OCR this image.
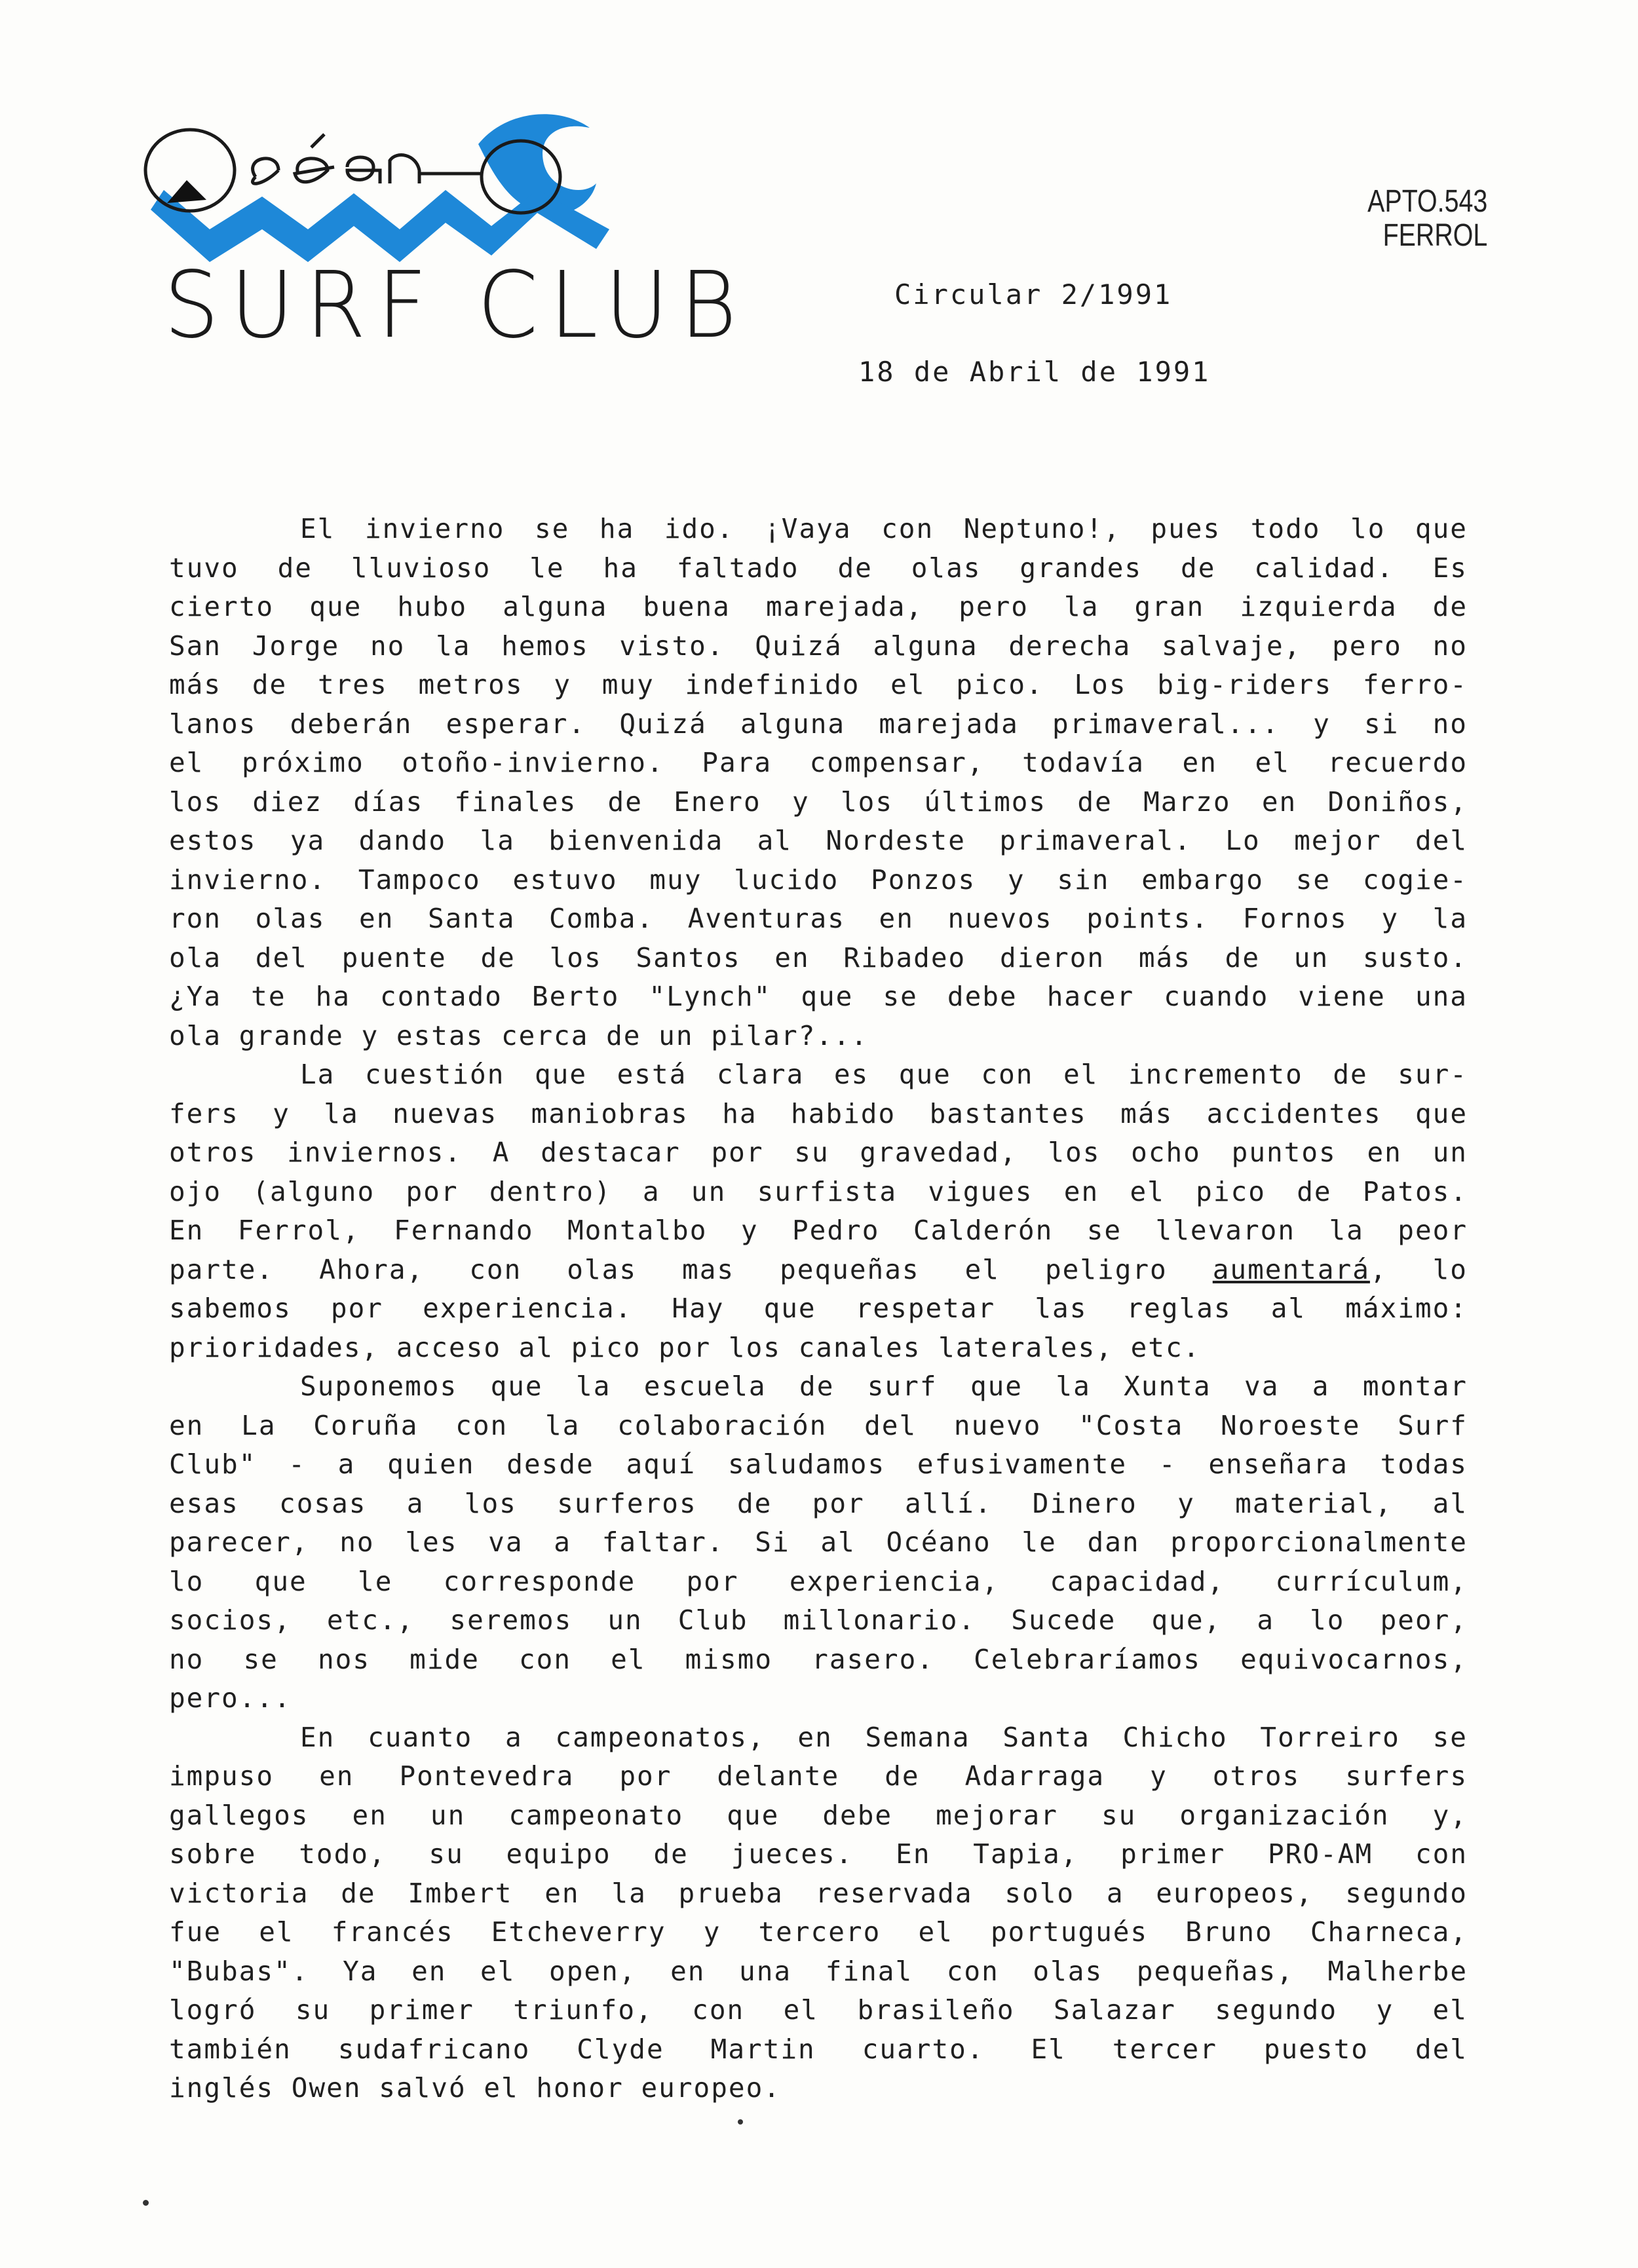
SURF CLUB
APTO.543
FERROL
Circular 2/1991
18 de Abril de 1991
El invierno se ha ido. ¡Vaya con Neptuno!, pues todo lo que
tuvo de lluvioso le ha faltado de olas grandes de calidad. Es
cierto que hubo alguna buena marejada, pero la gran izquierda de
San Jorge no la hemos visto. Quizá alguna derecha salvaje, pero no
más de tres metros y muy indefinido el pico. Los big-riders ferro-
lanos deberán esperar. Quizá alguna marejada primaveral... y si no
el próximo otoño-invierno. Para compensar, todavía en el recuerdo
los diez días finales de Enero y los últimos de Marzo en Doniños,
estos ya dando la bienvenida al Nordeste primaveral. Lo mejor del
invierno. Tampoco estuvo muy lucido Ponzos y sin embargo se cogie-
ron olas en Santa Comba. Aventuras en nuevos points. Fornos y la
ola del puente de los Santos en Ribadeo dieron más de un susto.
¿Ya te ha contado Berto "Lynch" que se debe hacer cuando viene una
ola grande y estas cerca de un pilar?...
La cuestión que está clara es que con el incremento de sur-
fers y la nuevas maniobras ha habido bastantes más accidentes que
otros inviernos. A destacar por su gravedad, los ocho puntos en un
ojo (alguno por dentro) a un surfista vigues en el pico de Patos.
En Ferrol, Fernando Montalbo y Pedro Calderón se llevaron la peor
parte. Ahora, con olas mas pequeñas el peligro aumentará, lo
sabemos por experiencia. Hay que respetar las reglas al máximo:
prioridades, acceso al pico por los canales laterales, etc.
Suponemos que la escuela de surf que la Xunta va a montar
en La Coruña con la colaboración del nuevo "Costa Noroeste Surf
Club" - a quien desde aquí saludamos efusivamente - enseñara todas
esas cosas a los surferos de por allí. Dinero y material, al
parecer, no les va a faltar. Si al Océano le dan proporcionalmente
lo que le corresponde por experiencia, capacidad, currículum,
socios, etc., seremos un Club millonario. Sucede que, a lo peor,
no se nos mide con el mismo rasero. Celebraríamos equivocarnos,
pero...
En cuanto a campeonatos, en Semana Santa Chicho Torreiro se
impuso en Pontevedra por delante de Adarraga y otros surfers
gallegos en un campeonato que debe mejorar su organización y,
sobre todo, su equipo de jueces. En Tapia, primer PRO-AM con
victoria de Imbert en la prueba reservada solo a europeos, segundo
fue el francés Etcheverry y tercero el portugués Bruno Charneca,
"Bubas". Ya en el open, en una final con olas pequeñas, Malherbe
logró su primer triunfo, con el brasileño Salazar segundo y el
también sudafricano Clyde Martin cuarto. El tercer puesto del
inglés Owen salvó el honor europeo.
